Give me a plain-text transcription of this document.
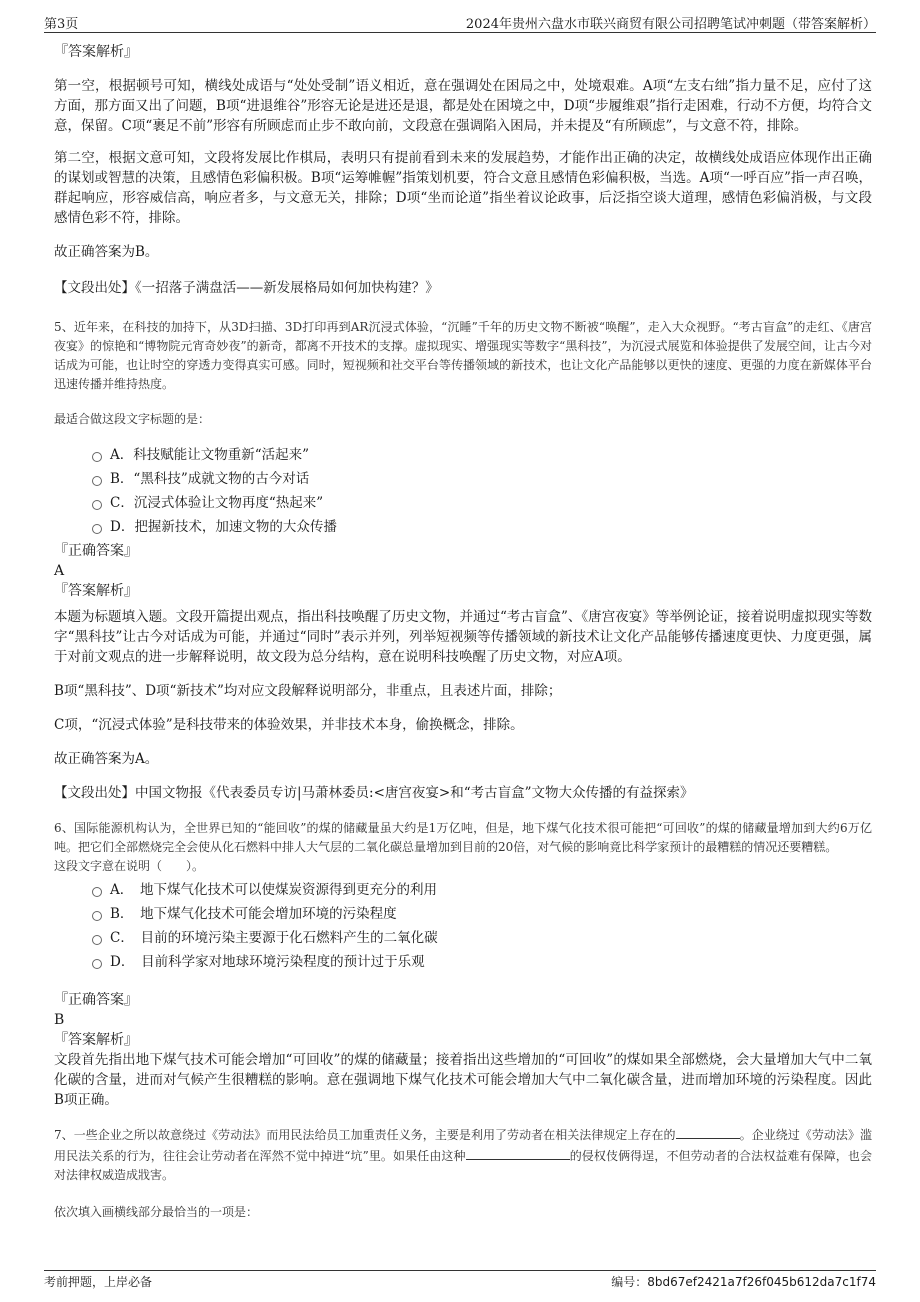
第3页	2024年贵州六盘水市联兴商贸有限公司招聘笔试冲刺题（带答案解析）

『答案解析』

第一空，根据顿号可知，横线处成语与“处处受制”语义相近，意在强调处在困局之中，处境艰难。A项“左支右绌”指力量不足，应付了这方面，那方面又出了问题，B项“进退维谷”形容无论是进还是退，都是处在困境之中，D项“步履维艰”指行走困难，行动不方便，均符合文意，保留。C项“裹足不前”形容有所顾虑而止步不敢向前，文段意在强调陷入困局，并未提及“有所顾虑”，与文意不符，排除。

第二空，根据文意可知，文段将发展比作棋局，表明只有提前看到未来的发展趋势，才能作出正确的决定，故横线处成语应体现作出正确的谋划或智慧的决策，且感情色彩偏积极。B项“运筹帷幄”指策划机要，符合文意且感情色彩偏积极，当选。A项“一呼百应”指一声召唤，群起响应，形容威信高，响应者多，与文意无关，排除；D项“坐而论道”指坐着议论政事，后泛指空谈大道理，感情色彩偏消极，与文段感情色彩不符，排除。

故正确答案为B。

【文段出处】《一招落子满盘活——新发展格局如何加快构建？》

5、近年来，在科技的加持下，从3D扫描、3D打印再到AR沉浸式体验，“沉睡”千年的历史文物不断被“唤醒”，走入大众视野。“考古盲盒”的走红、《唐宫夜宴》的惊艳和“博物院元宵奇妙夜”的新奇，都离不开技术的支撑。虚拟现实、增强现实等数字“黑科技”，为沉浸式展览和体验提供了发展空间，让古今对话成为可能，也让时空的穿透力变得真实可感。同时，短视频和社交平台等传播领域的新技术，也让文化产品能够以更快的速度、更强的力度在新媒体平台迅速传播并维持热度。

最适合做这段文字标题的是：

A．科技赋能让文物重新“活起来”

B．“黑科技”成就文物的古今对话

C．沉浸式体验让文物再度“热起来”

D．把握新技术，加速文物的大众传播

『正确答案』

A

『答案解析』

本题为标题填入题。文段开篇提出观点，指出科技唤醒了历史文物，并通过“考古盲盒”、《唐宫夜宴》等举例论证，接着说明虚拟现实等数字“黑科技”让古今对话成为可能，并通过“同时”表示并列，列举短视频等传播领域的新技术让文化产品能够传播速度更快、力度更强，属于对前文观点的进一步解释说明，故文段为总分结构，意在说明科技唤醒了历史文物，对应A项。

B项“黑科技”、D项“新技术”均对应文段解释说明部分，非重点，且表述片面，排除；

C项，“沉浸式体验”是科技带来的体验效果，并非技术本身，偷换概念，排除。

故正确答案为A。

【文段出处】中国文物报《代表委员专访|马萧林委员:<唐宫夜宴>和“考古盲盒”文物大众传播的有益探索》

6、国际能源机构认为，全世界已知的“能回收”的煤的储藏量虽大约是1万亿吨，但是，地下煤气化技术很可能把“可回收”的煤的储藏量增加到大约6万亿吨。把它们全部燃烧完全会使从化石燃料中排人大气层的二氧化碳总量增加到目前的20倍，对气候的影响竟比科学家预计的最糟糕的情况还要糟糕。

这段文字意在说明（　　）。

A．　地下煤气化技术可以使煤炭资源得到更充分的利用

B．　地下煤气化技术可能会增加环境的污染程度

C．　目前的环境污染主要源于化石燃料产生的二氧化碳

D．　目前科学家对地球环境污染程度的预计过于乐观

『正确答案』

B

『答案解析』

文段首先指出地下煤气技术可能会增加“可回收”的煤的储藏量；接着指出这些增加的“可回收”的煤如果全部燃烧，会大量增加大气中二氧化碳的含量，进而对气候产生很糟糕的影响。意在强调地下煤气化技术可能会增加大气中二氧化碳含量，进而增加环境的污染程度。因此B项正确。

7、一些企业之所以故意绕过《劳动法》而用民法给员工加重责任义务，主要是利用了劳动者在相关法律规定上存在的	。企业绕过《劳动法》滥用民法关系的行为，往往会让劳动者在浑然不觉中掉进“坑”里。如果任由这种	的侵权伎俩得逞，不但劳动者的合法权益难有保障，也会对法律权威造成戕害。

依次填入画横线部分最恰当的一项是：

考前押题，上岸必备	编号：8bd67ef2421a7f26f045b612da7c1f74
